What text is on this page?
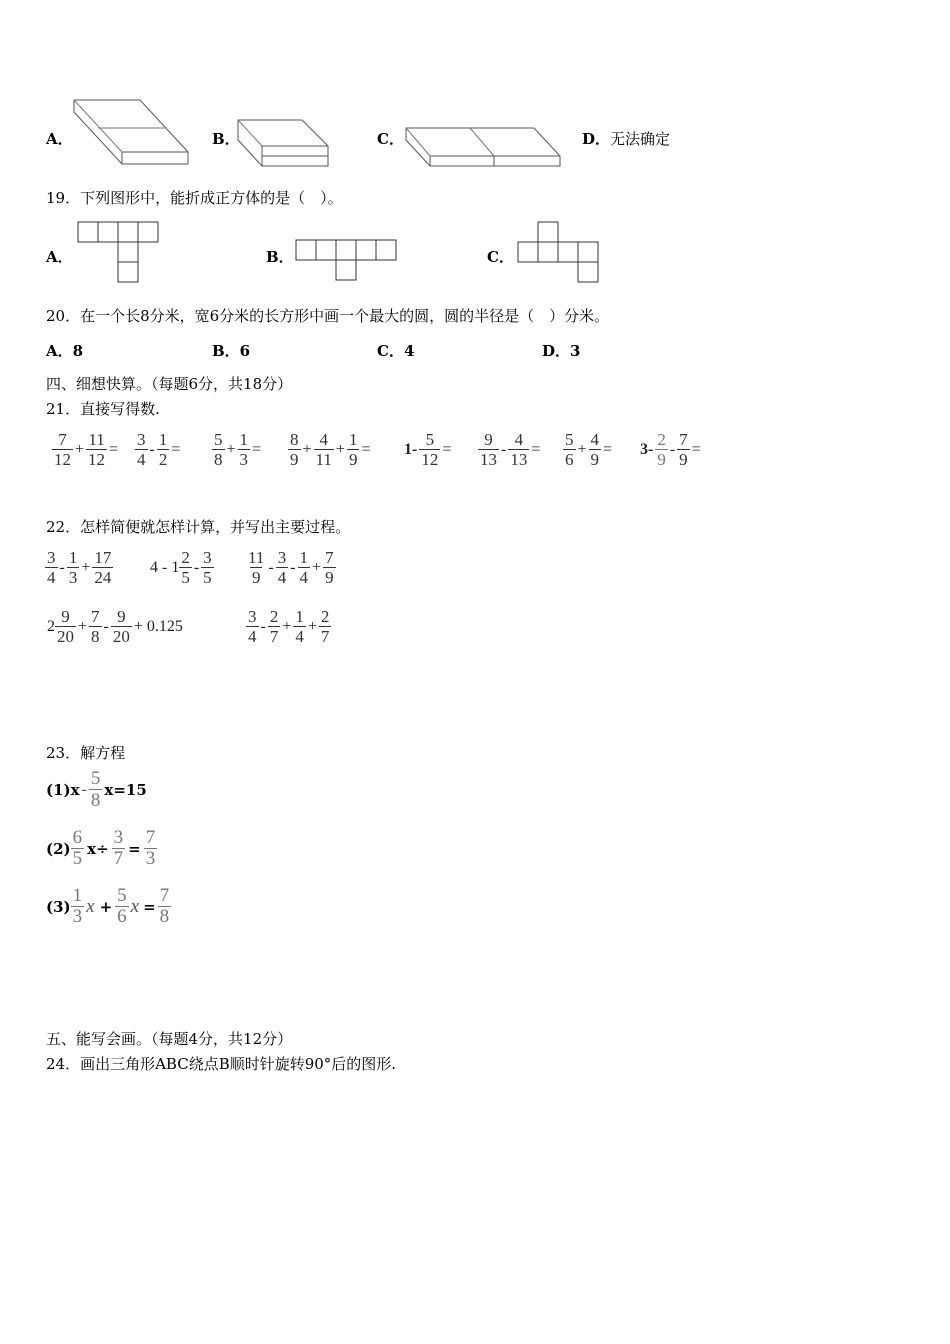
A．	B．	C．	D． 无法确定
19．下列图形中，能折成正方体的是（　）。
A．	B．	C．
20．在一个长8分米，宽6分米的长方形中画一个最大的圆，圆的半径是（　）分米。
A．8	B．6	C．4	D．3
四、细想快算。（每题6分，共18分）
21．直接写得数.
7
12
+ $\frac{11}{12} = 3$
4
- $\frac{1}{2} = 5$
8
+ $\frac{1}{3} = 8$
9
+ $\frac{4}{11} + \frac{1}{9} = 1- \frac{5}{12} = 9$
13
- $\frac{4}{13} = 5$
6
+ $\frac{4}{9} = 3-$ 2
9
- $\frac{7}{9}$ =
22．怎样简便就怎样计算，并写出主要过程。
3
4
- 1
3
+ $\frac{17}{24} 4 - 1$ 2
5
- 3
5
11
9
- 3
4
- 1
4
+ $\frac{7}{9}$
2 9
20
+ $\frac{7}{8} - 9$
20
+ 0.125	3
4
- 2
7
+ $\frac{1}{4} + \frac{2}{7}$
23．解方程
(1)x - 5
8
x=15
(2)
6
5 $x\div \frac{3}{7} = \frac{7}{3}$
(3)
1
3 $x + \frac{5}{6}$ $x = \frac{7}{8}$
五、能写会画。（每题4分，共12分）
24．画出三角形ABC绕点B顺时针旋转90°后的图形.
